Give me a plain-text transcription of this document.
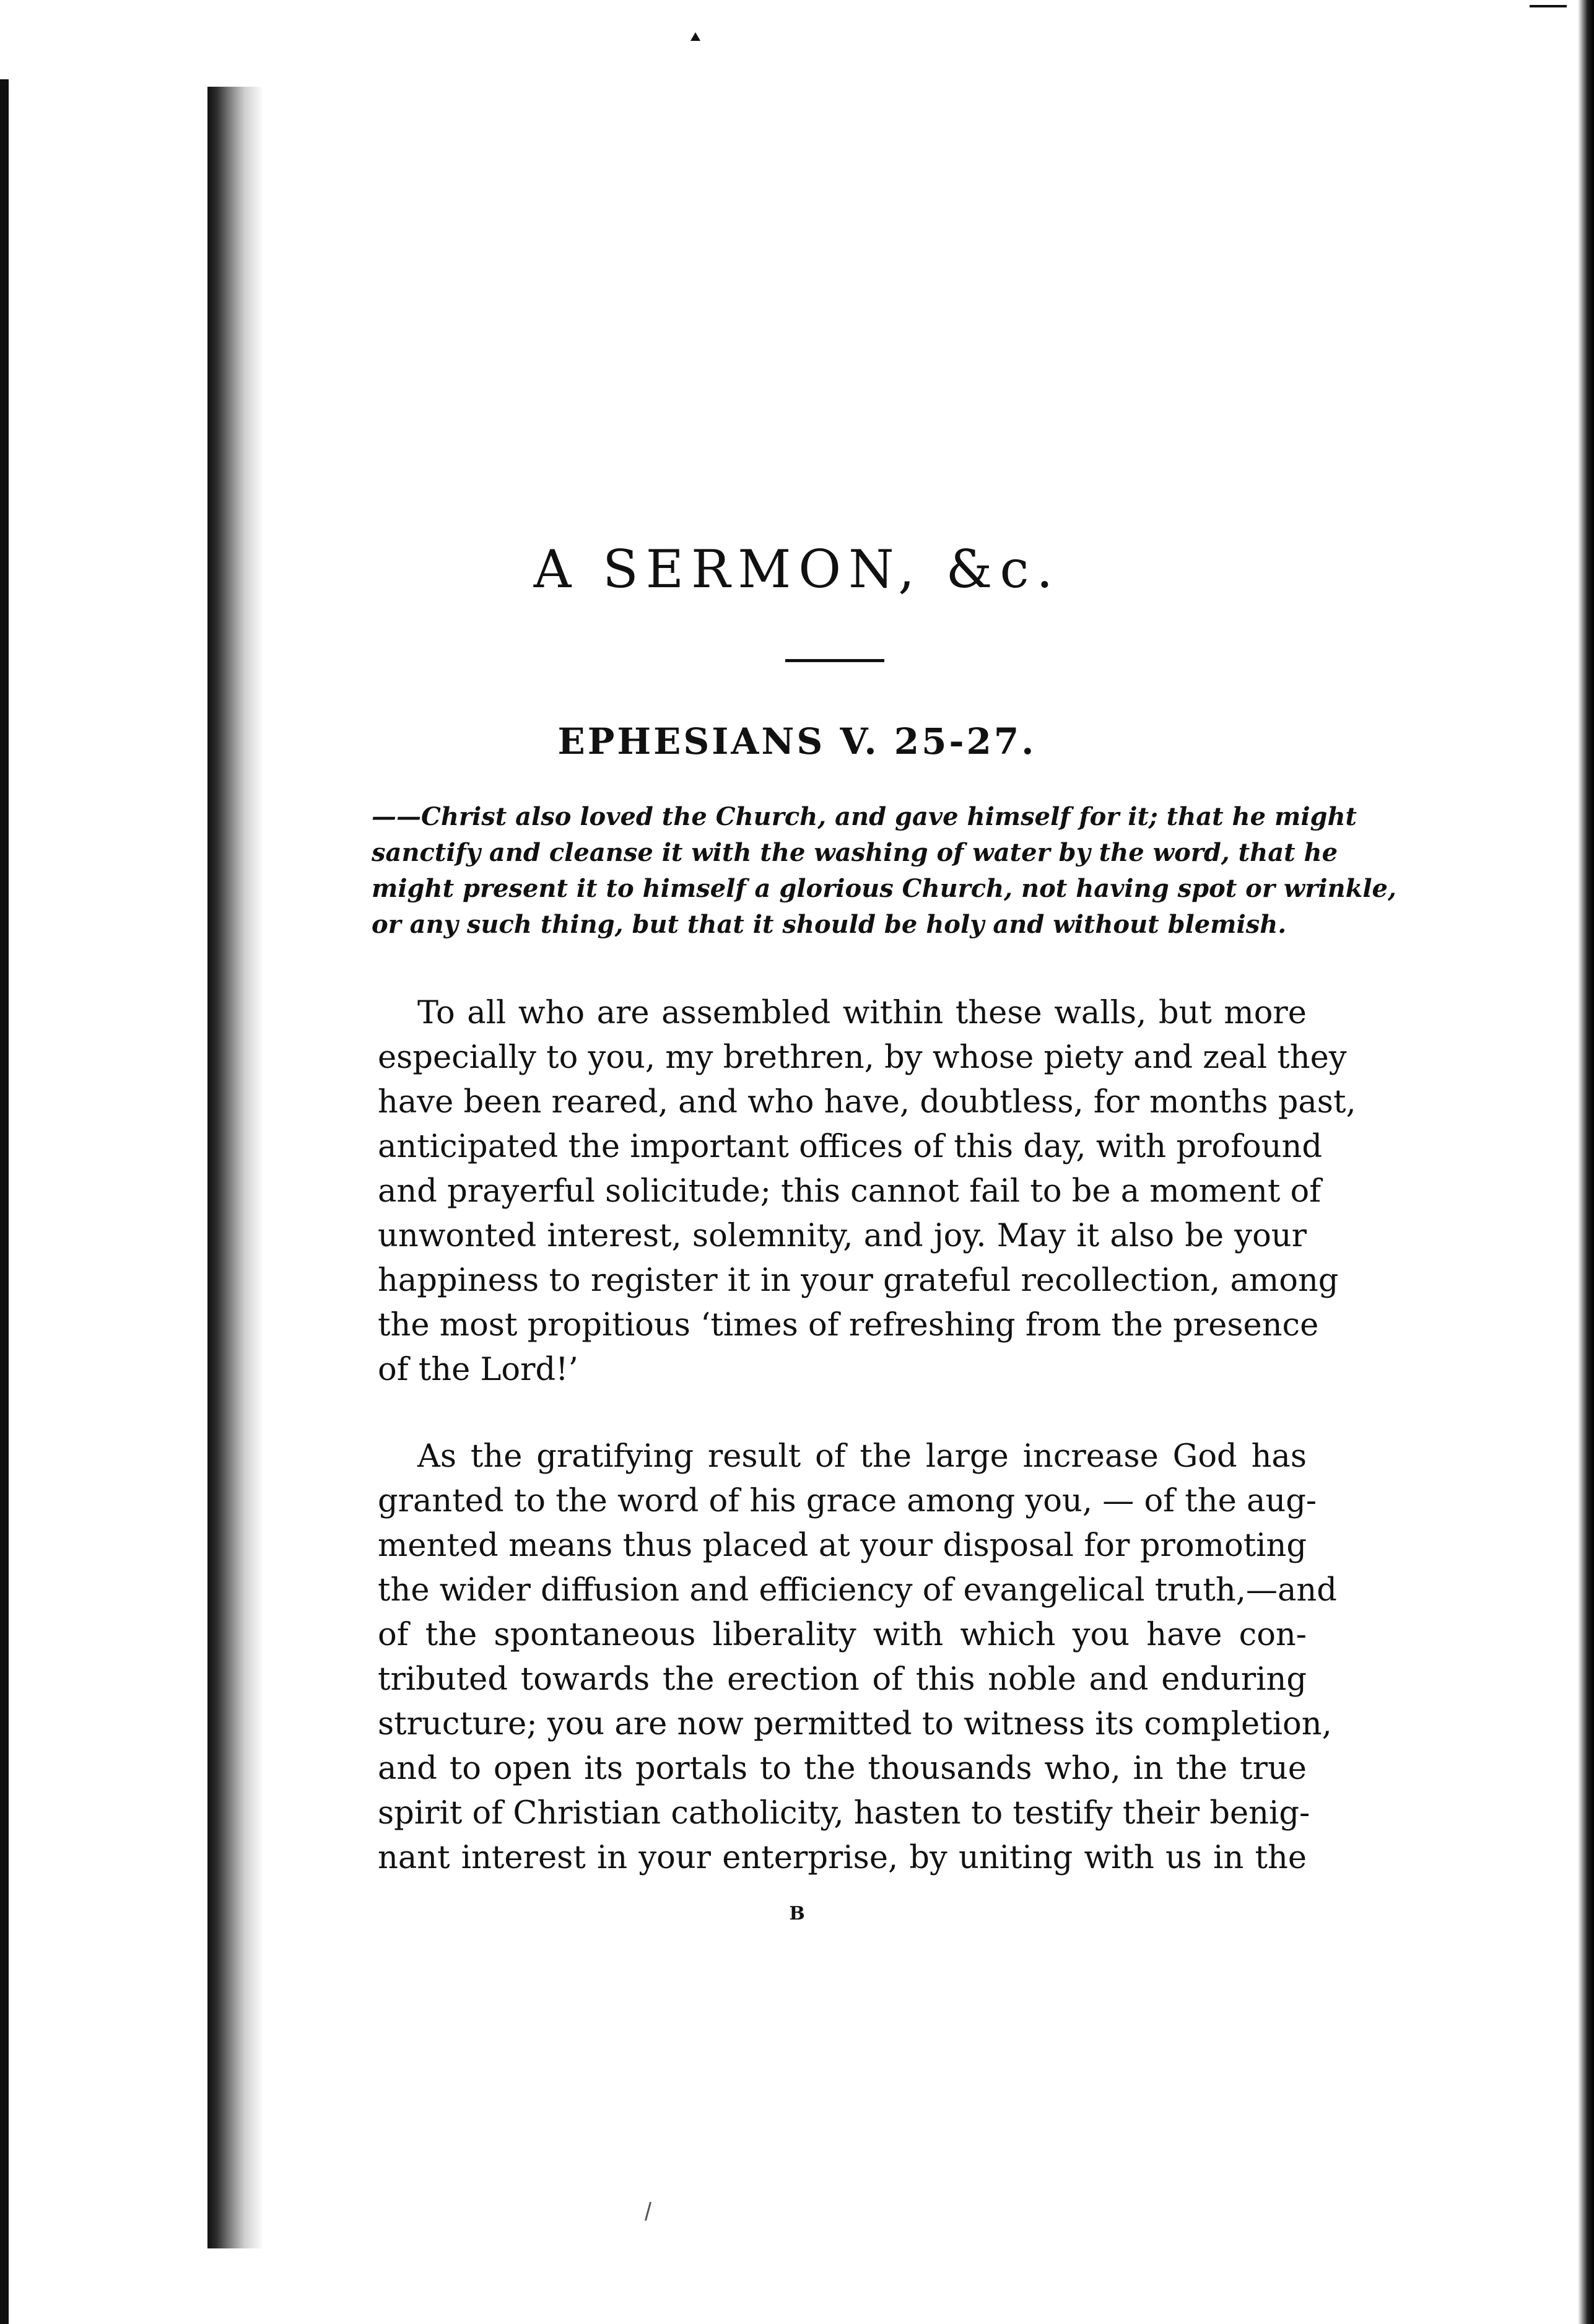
A SERMON, &c.
EPHESIANS V. 25-27.

——Christ also loved the Church, and gave himself for it; that he might
sanctify and cleanse it with the washing of water by the word, that he
might present it to himself a glorious Church, not having spot or wrinkle,
or any such thing, but that it should be holy and without blemish.

To all who are assembled within these walls, but more
especially to you, my brethren, by whose piety and zeal they
have been reared, and who have, doubtless, for months past,
anticipated the important offices of this day, with profound
and prayerful solicitude; this cannot fail to be a moment of
unwonted interest, solemnity, and joy. May it also be your
happiness to register it in your grateful recollection, among
the most propitious ‘times of refreshing from the presence
of the Lord!’

As the gratifying result of the large increase God has
granted to the word of his grace among you, — of the aug-
mented means thus placed at your disposal for promoting
the wider diffusion and efficiency of evangelical truth,—and
of the spontaneous liberality with which you have con-
tributed towards the erection of this noble and enduring
structure; you are now permitted to witness its completion,
and to open its portals to the thousands who, in the true
spirit of Christian catholicity, hasten to testify their benig-
nant interest in your enterprise, by uniting with us in the

B
